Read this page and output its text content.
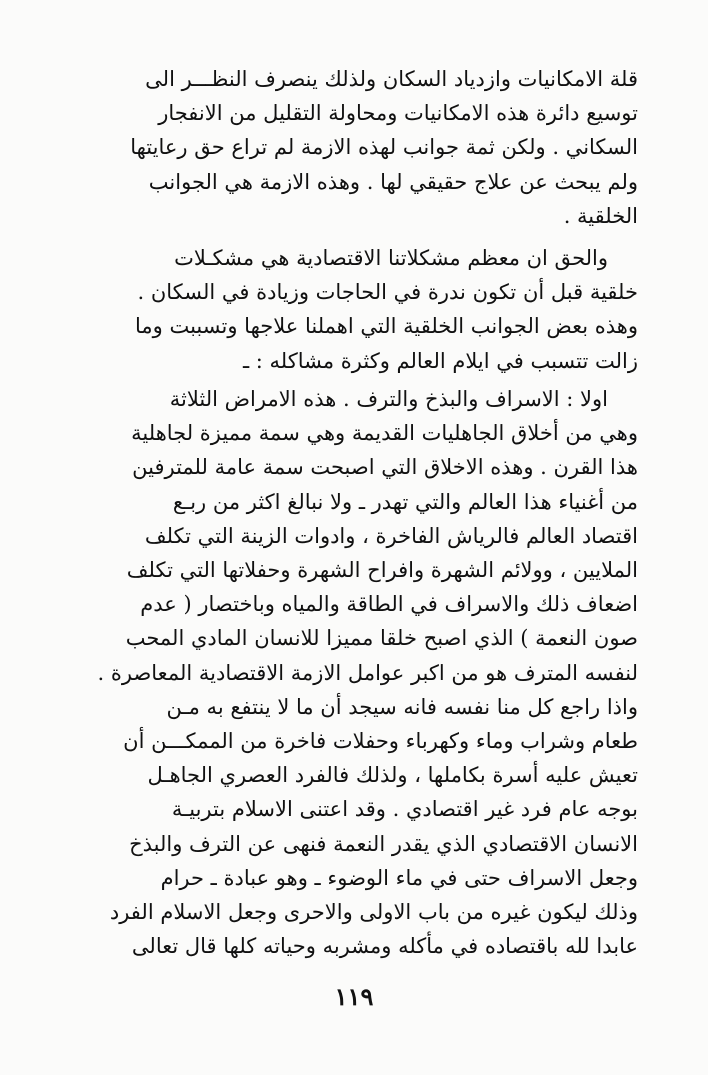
قلة الامكانيات وازدياد السكان ولذلك ينصرف النظـــر الى
توسيع دائرة هذه الامكانيات ومحاولة التقليل من الانفجار
السكاني . ولكن ثمة جوانب لهذه الازمة لم تراع حق رعايتها
ولم يبحث عن علاج حقيقي لها . وهذه الازمة هي الجوانب
الخلقية .
والحق ان معظم مشكلاتنا الاقتصادية هي مشكـلات
خلقية قبل أن تكون ندرة في الحاجات وزيادة في السكان .
وهذه بعض الجوانب الخلقية التي اهملنا علاجها وتسببت وما
زالت تتسبب في ايلام العالم وكثرة مشاكله : ـ
اولا : الاسراف والبذخ والترف . هذه الامراض الثلاثة
وهي من أخلاق الجاهليات القديمة وهي سمة مميزة لجاهلية
هذا القرن . وهذه الاخلاق التي اصبحت سمة عامة للمترفين
من أغنياء هذا العالم والتي تهدر ـ ولا نبالغ اكثر من ربـع
اقتصاد العالم فالرياش الفاخرة ، وادوات الزينة التي تكلف
الملايين ، وولائم الشهرة وافراح الشهرة وحفلاتها التي تكلف
اضعاف ذلك والاسراف في الطاقة والمياه وباختصار ( عدم
صون النعمة ) الذي اصبح خلقا مميزا للانسان المادي المحب
لنفسه المترف هو من اكبر عوامل الازمة الاقتصادية المعاصرة .
واذا راجع كل منا نفسه فانه سيجد أن ما لا ينتفع به مـن
طعام وشراب وماء وكهرباء وحفلات فاخرة من الممكـــن أن
تعيش عليه أسرة بكاملها ، ولذلك فالفرد العصري الجاهـل
بوجه عام فرد غير اقتصادي . وقد اعتنى الاسلام بتربيـة
الانسان الاقتصادي الذي يقدر النعمة فنهى عن الترف والبذخ
وجعل الاسراف حتى في ماء الوضوء ـ وهو عبادة ـ حرام
وذلك ليكون غيره من باب الاولى والاحرى وجعل الاسلام الفرد
عابدا لله باقتصاده في مأكله ومشربه وحياته كلها قال تعالى
١١٩
